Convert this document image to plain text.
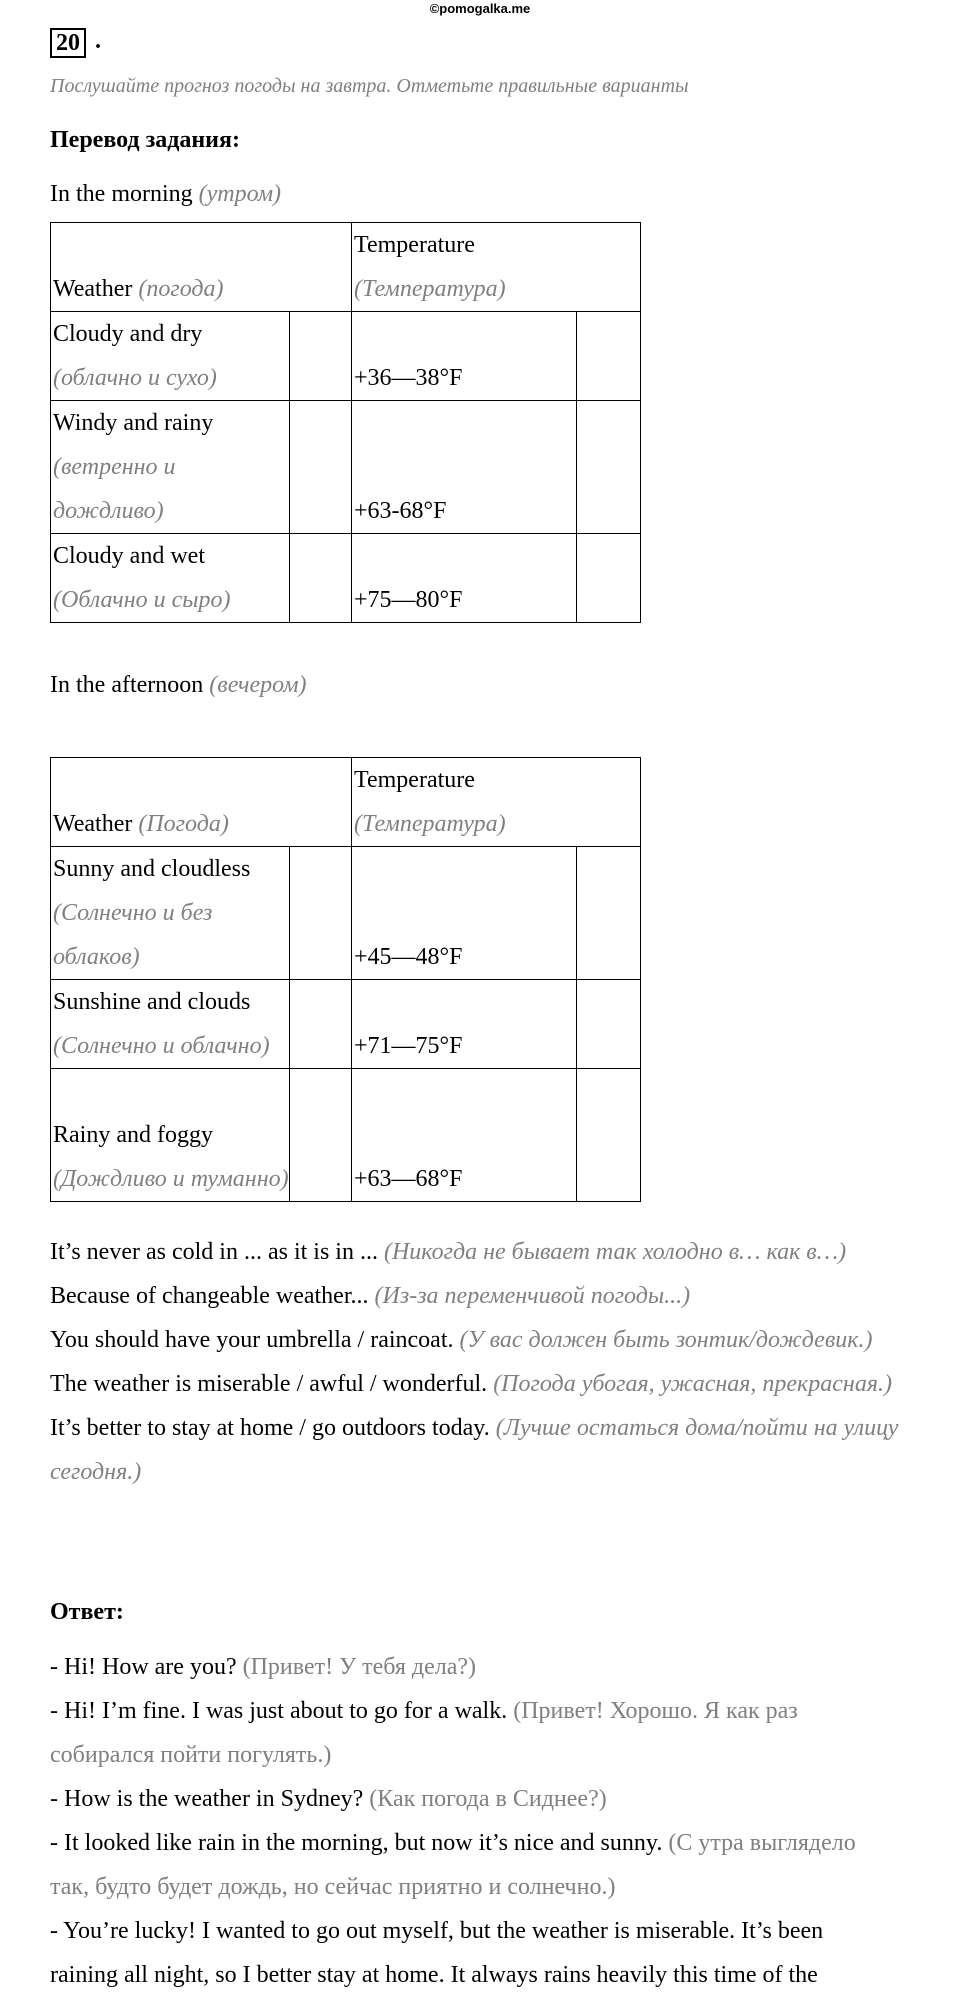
©pomogalka.me
20 .
Послушайте прогноз погоды на завтра. Отметьте правильные варианты
Перевод задания:
In the morning (утром)
Weather (погода)		Temperature
(Температура)	
Cloudy and dry
(облачно и сухо)		+36—38°F	
Windy and rainy
(ветренно и дождливо)		+63-68°F	
Cloudy and wet
(Облачно и сыро)		+75—80°F	
In the afternoon (вечером)
Weather (Погода)		Temperature
(Температура)	
Sunny and cloudless
(Солнечно и без облаков)		+45—48°F	
Sunshine and clouds
(Солнечно и облачно)		+71—75°F	
Rainy and foggy
(Дождливо и туманно)		+63—68°F	
It’s never as cold in ... as it is in ... (Никогда не бывает так холодно в… как в…)
Because of changeable weather... (Из-за переменчивой погоды...)
You should have your umbrella / raincoat. (У вас должен быть зонтик/дождевик.)
The weather is miserable / awful / wonderful. (Погода убогая, ужасная, прекрасная.)
It’s better to stay at home / go outdoors today. (Лучше остаться дома/пойти на улицу сегодня.)
Ответ:
- Hi! How are you? (Привет! У тебя дела?)
- Hi! I’m fine. I was just about to go for a walk. (Привет! Хорошо. Я как раз собирался пойти погулять.)
- How is the weather in Sydney? (Как погода в Сиднее?)
- It looked like rain in the morning, but now it’s nice and sunny. (С утра выглядело так, будто будет дождь, но сейчас приятно и солнечно.)
- You’re lucky! I wanted to go out myself, but the weather is miserable. It’s been raining all night, so I better stay at home. It always rains heavily this time of the
